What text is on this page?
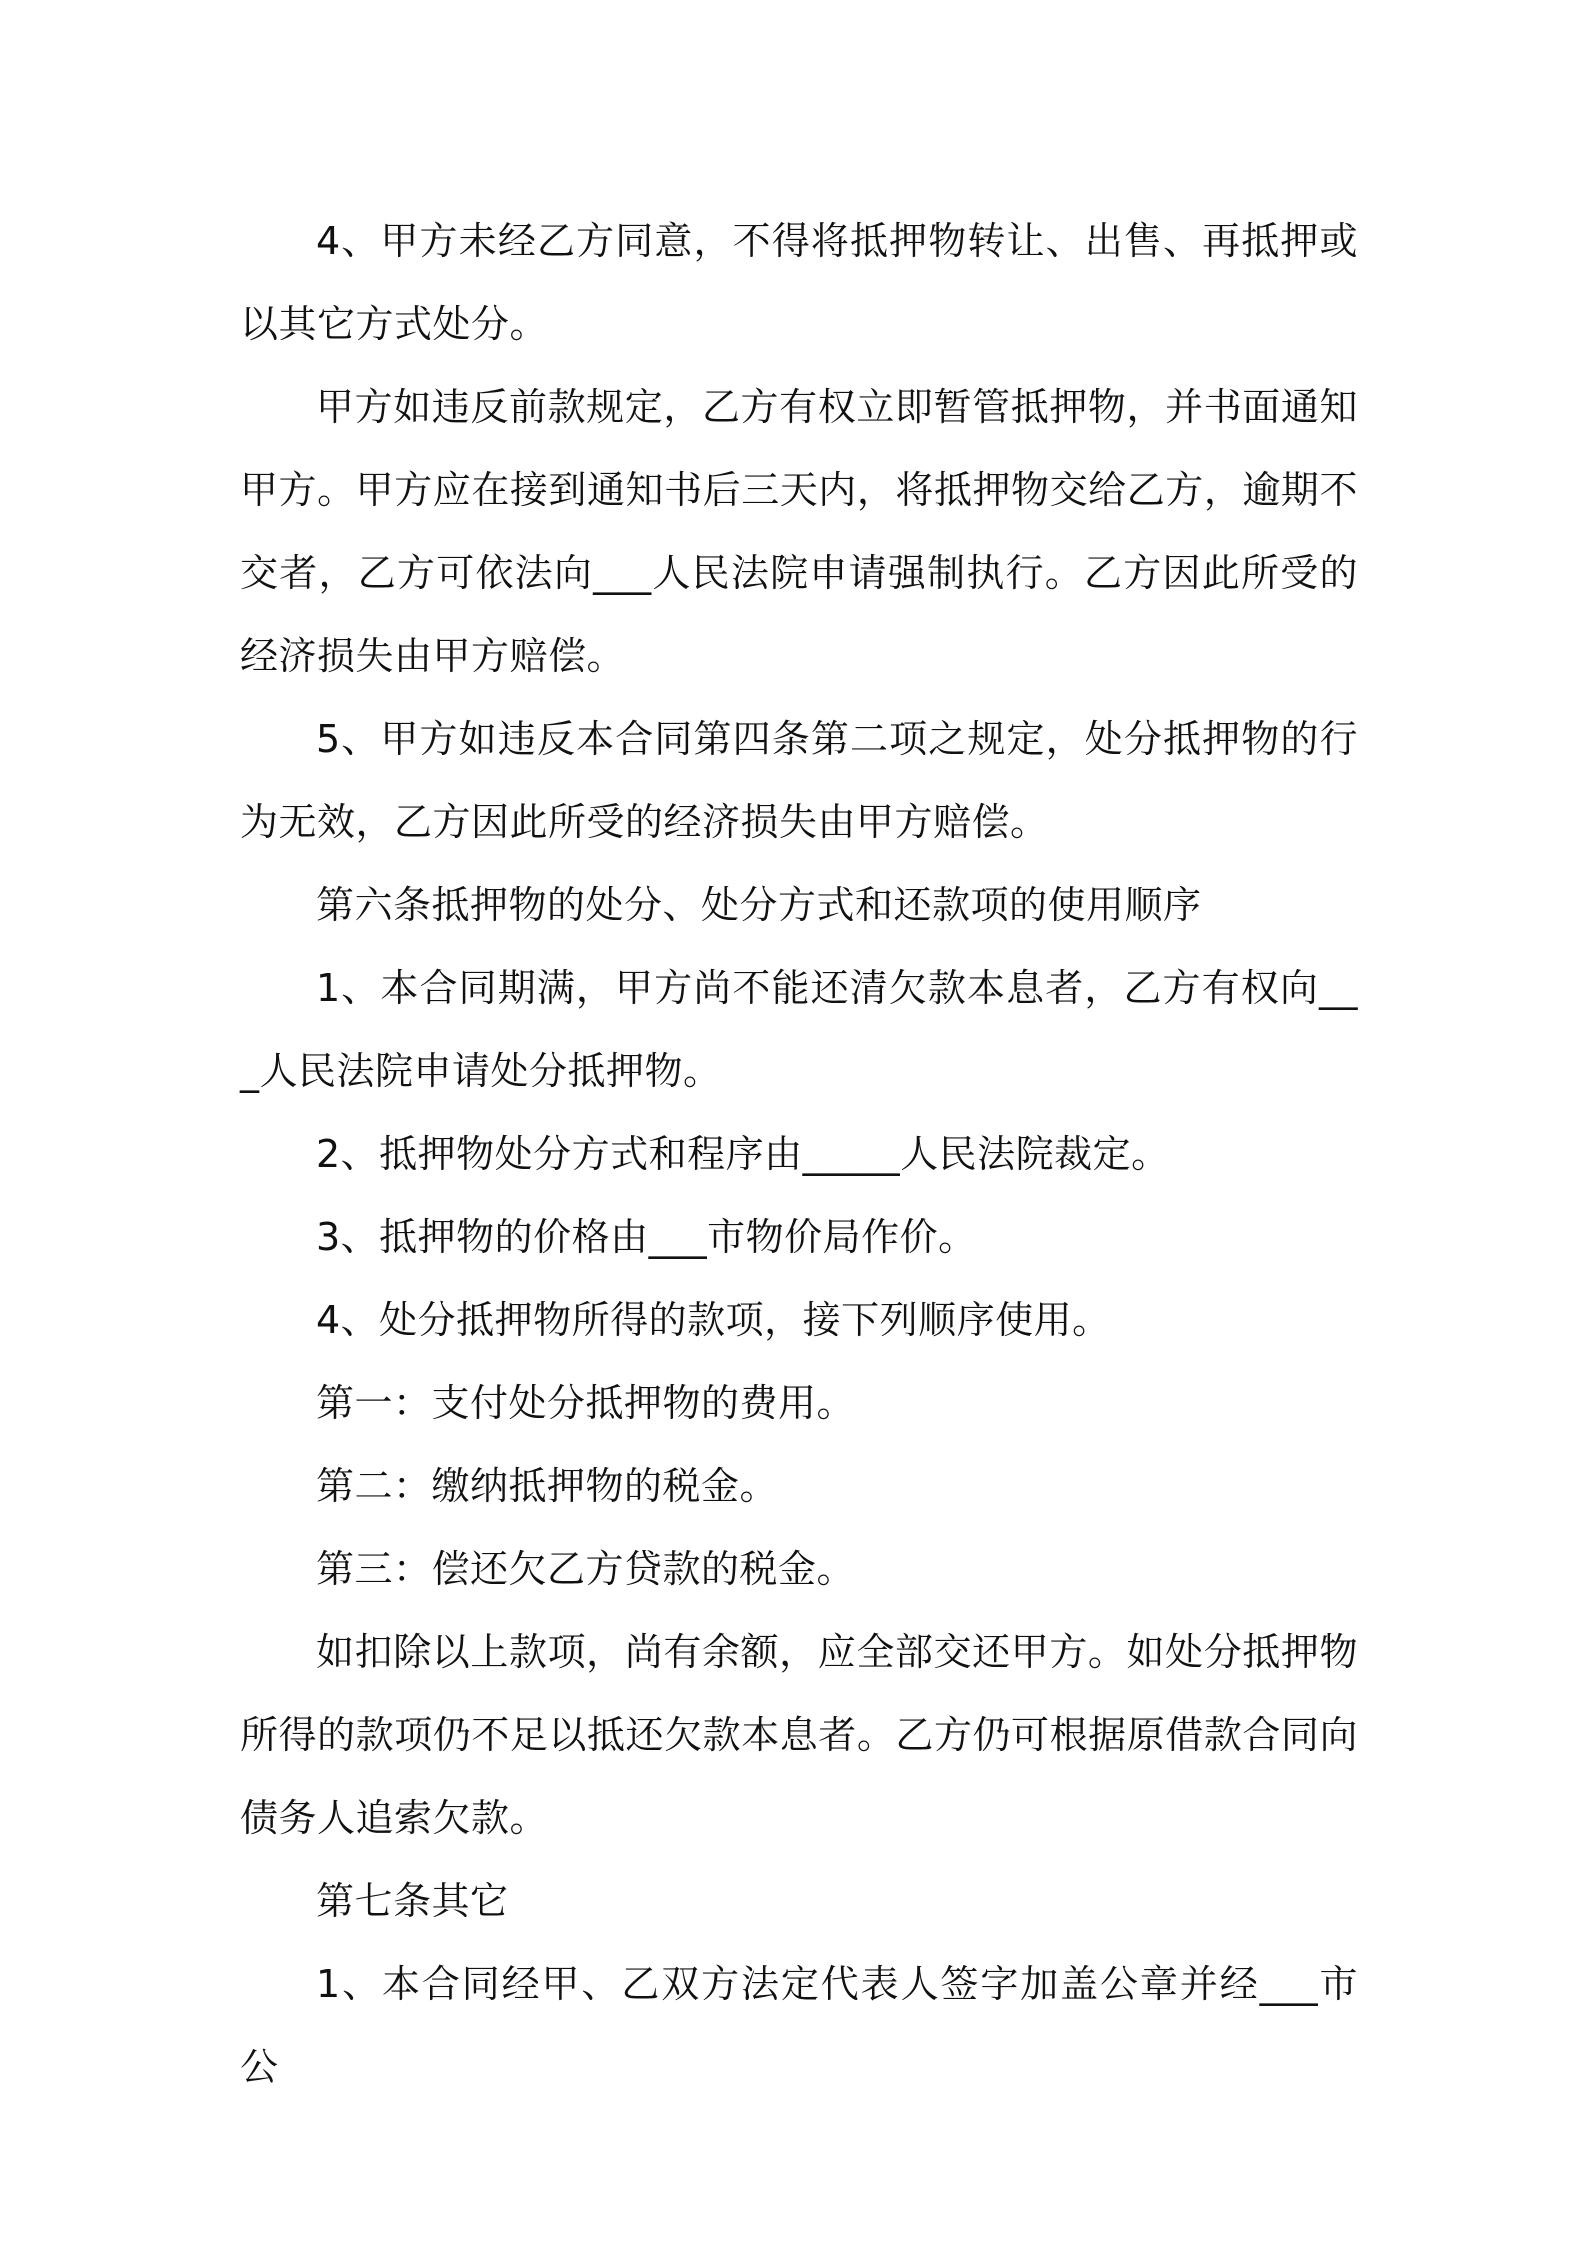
4、甲方未经乙方同意，不得将抵押物转让、出售、再抵押或以其它方式处分。

甲方如违反前款规定，乙方有权立即暂管抵押物，并书面通知甲方。甲方应在接到通知书后三天内，将抵押物交给乙方，逾期不交者，乙方可依法向___人民法院申请强制执行。乙方因此所受的经济损失由甲方赔偿。

5、甲方如违反本合同第四条第二项之规定，处分抵押物的行为无效，乙方因此所受的经济损失由甲方赔偿。

第六条抵押物的处分、处分方式和还款项的使用顺序

1、本合同期满，甲方尚不能还清欠款本息者，乙方有权向___人民法院申请处分抵押物。

2、抵押物处分方式和程序由_____人民法院裁定。

3、抵押物的价格由___市物价局作价。

4、处分抵押物所得的款项，接下列顺序使用。

第一：支付处分抵押物的费用。

第二：缴纳抵押物的税金。

第三：偿还欠乙方贷款的税金。

如扣除以上款项，尚有余额，应全部交还甲方。如处分抵押物所得的款项仍不足以抵还欠款本息者。乙方仍可根据原借款合同向债务人追索欠款。

第七条其它

1、本合同经甲、乙双方法定代表人签字加盖公章并经___市公
